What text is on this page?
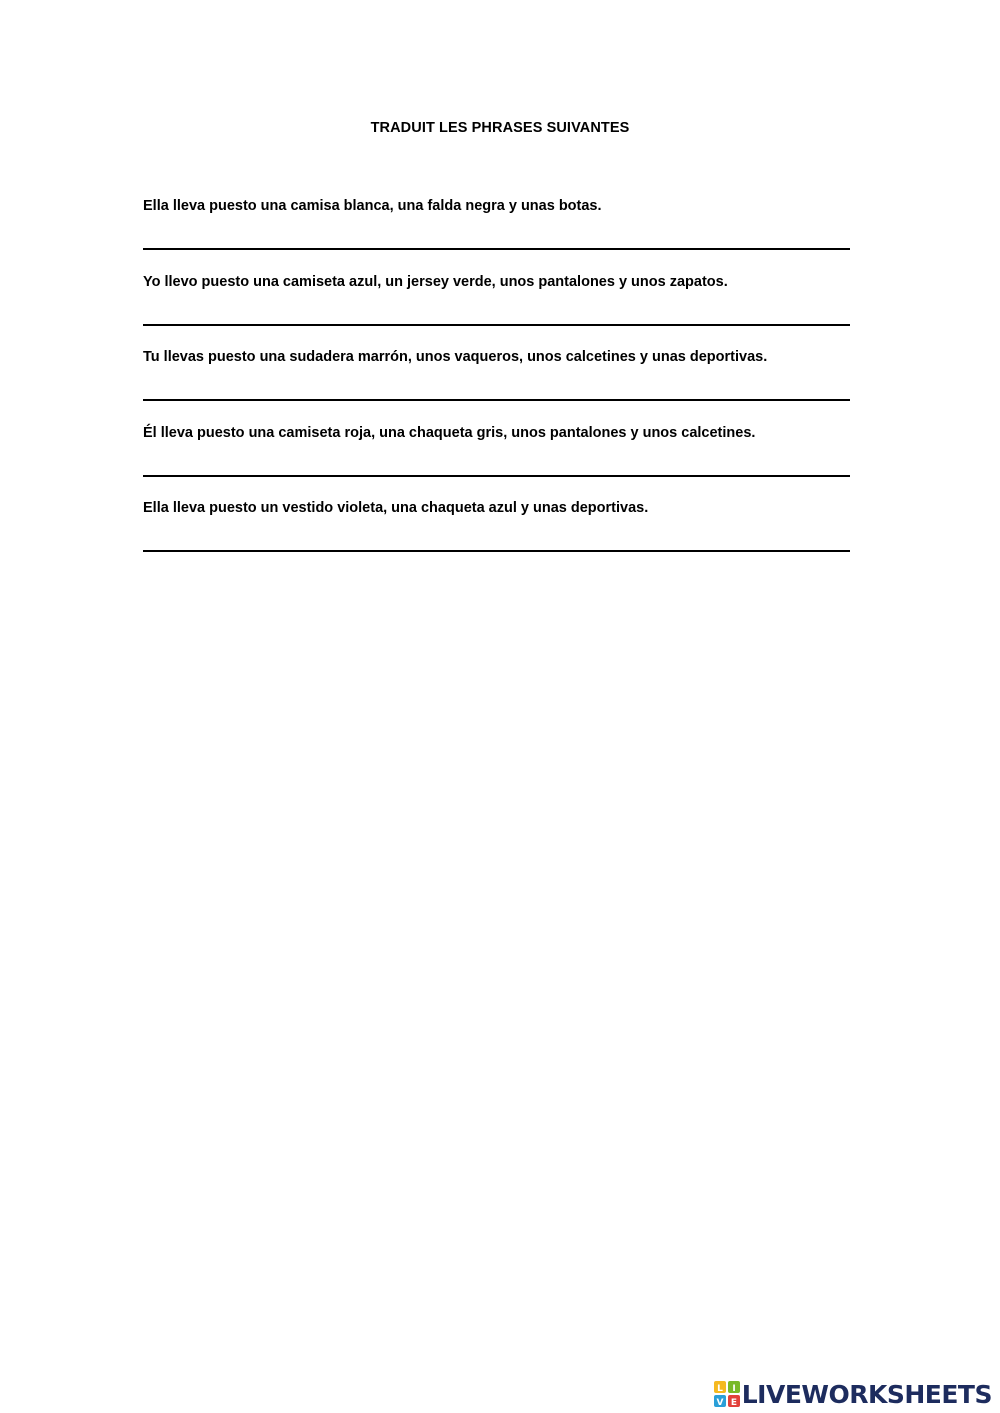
TRADUIT LES PHRASES SUIVANTES
Ella lleva puesto una camisa blanca, una falda negra y unas botas.
Yo llevo puesto una camiseta azul, un jersey verde, unos pantalones y unos zapatos.
Tu llevas puesto una sudadera marrón, unos vaqueros, unos calcetines y unas deportivas.
Él lleva puesto una camiseta roja, una chaqueta gris, unos pantalones y unos calcetines.
Ella lleva puesto un vestido violeta, una chaqueta azul y unas deportivas.
L I
V E LIVEWORKSHEETS
